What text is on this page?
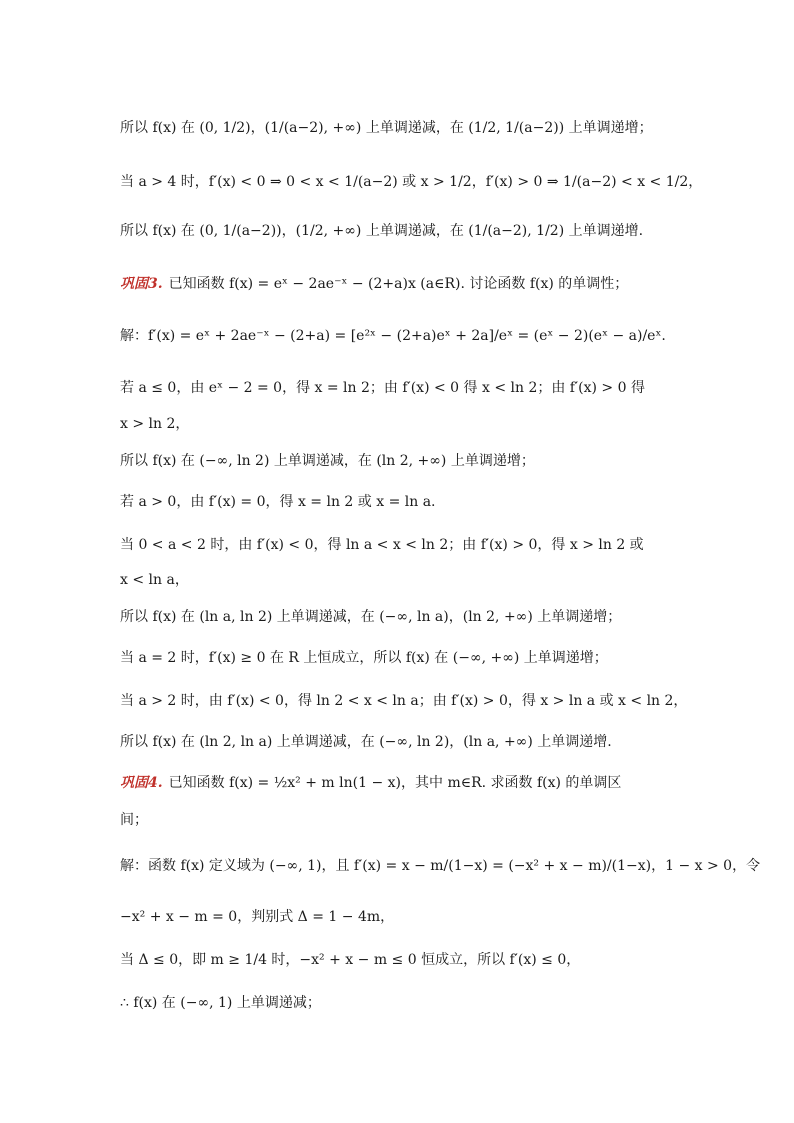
所以 f(x) 在 (0, 1/2)，(1/(a−2), +∞) 上单调递减，在 (1/2, 1/(a−2)) 上单调递增；
当 a > 4 时，f′(x) < 0 ⇒ 0 < x < 1/(a−2) 或 x > 1/2，f′(x) > 0 ⇒ 1/(a−2) < x < 1/2，
所以 f(x) 在 (0, 1/(a−2))，(1/2, +∞) 上单调递减，在 (1/(a−2), 1/2) 上单调递增.
巩固3. 已知函数 f(x) = eˣ − 2ae⁻ˣ − (2+a)x (a∈R). 讨论函数 f(x) 的单调性；
解：f′(x) = eˣ + 2ae⁻ˣ − (2+a) = [e²ˣ − (2+a)eˣ + 2a]/eˣ = (eˣ − 2)(eˣ − a)/eˣ.
若 a ≤ 0，由 eˣ − 2 = 0，得 x = ln 2；由 f′(x) < 0 得 x < ln 2；由 f′(x) > 0 得
x > ln 2，
所以 f(x) 在 (−∞, ln 2) 上单调递减，在 (ln 2, +∞) 上单调递增；
若 a > 0，由 f′(x) = 0，得 x = ln 2 或 x = ln a.
当 0 < a < 2 时，由 f′(x) < 0，得 ln a < x < ln 2；由 f′(x) > 0，得 x > ln 2 或
x < ln a，
所以 f(x) 在 (ln a, ln 2) 上单调递减，在 (−∞, ln a)，(ln 2, +∞) 上单调递增；
当 a = 2 时，f′(x) ≥ 0 在 R 上恒成立，所以 f(x) 在 (−∞, +∞) 上单调递增；
当 a > 2 时，由 f′(x) < 0，得 ln 2 < x < ln a；由 f′(x) > 0，得 x > ln a 或 x < ln 2，
所以 f(x) 在 (ln 2, ln a) 上单调递减，在 (−∞, ln 2)，(ln a, +∞) 上单调递增.
巩固4. 已知函数 f(x) = ½x² + m ln(1 − x)，其中 m∈R. 求函数 f(x) 的单调区
间；
解：函数 f(x) 定义域为 (−∞, 1)，且 f′(x) = x − m/(1−x) = (−x² + x − m)/(1−x)，1 − x > 0，令
−x² + x − m = 0，判别式 Δ = 1 − 4m，
当 Δ ≤ 0，即 m ≥ 1/4 时，−x² + x − m ≤ 0 恒成立，所以 f′(x) ≤ 0，
∴ f(x) 在 (−∞, 1) 上单调递减；
